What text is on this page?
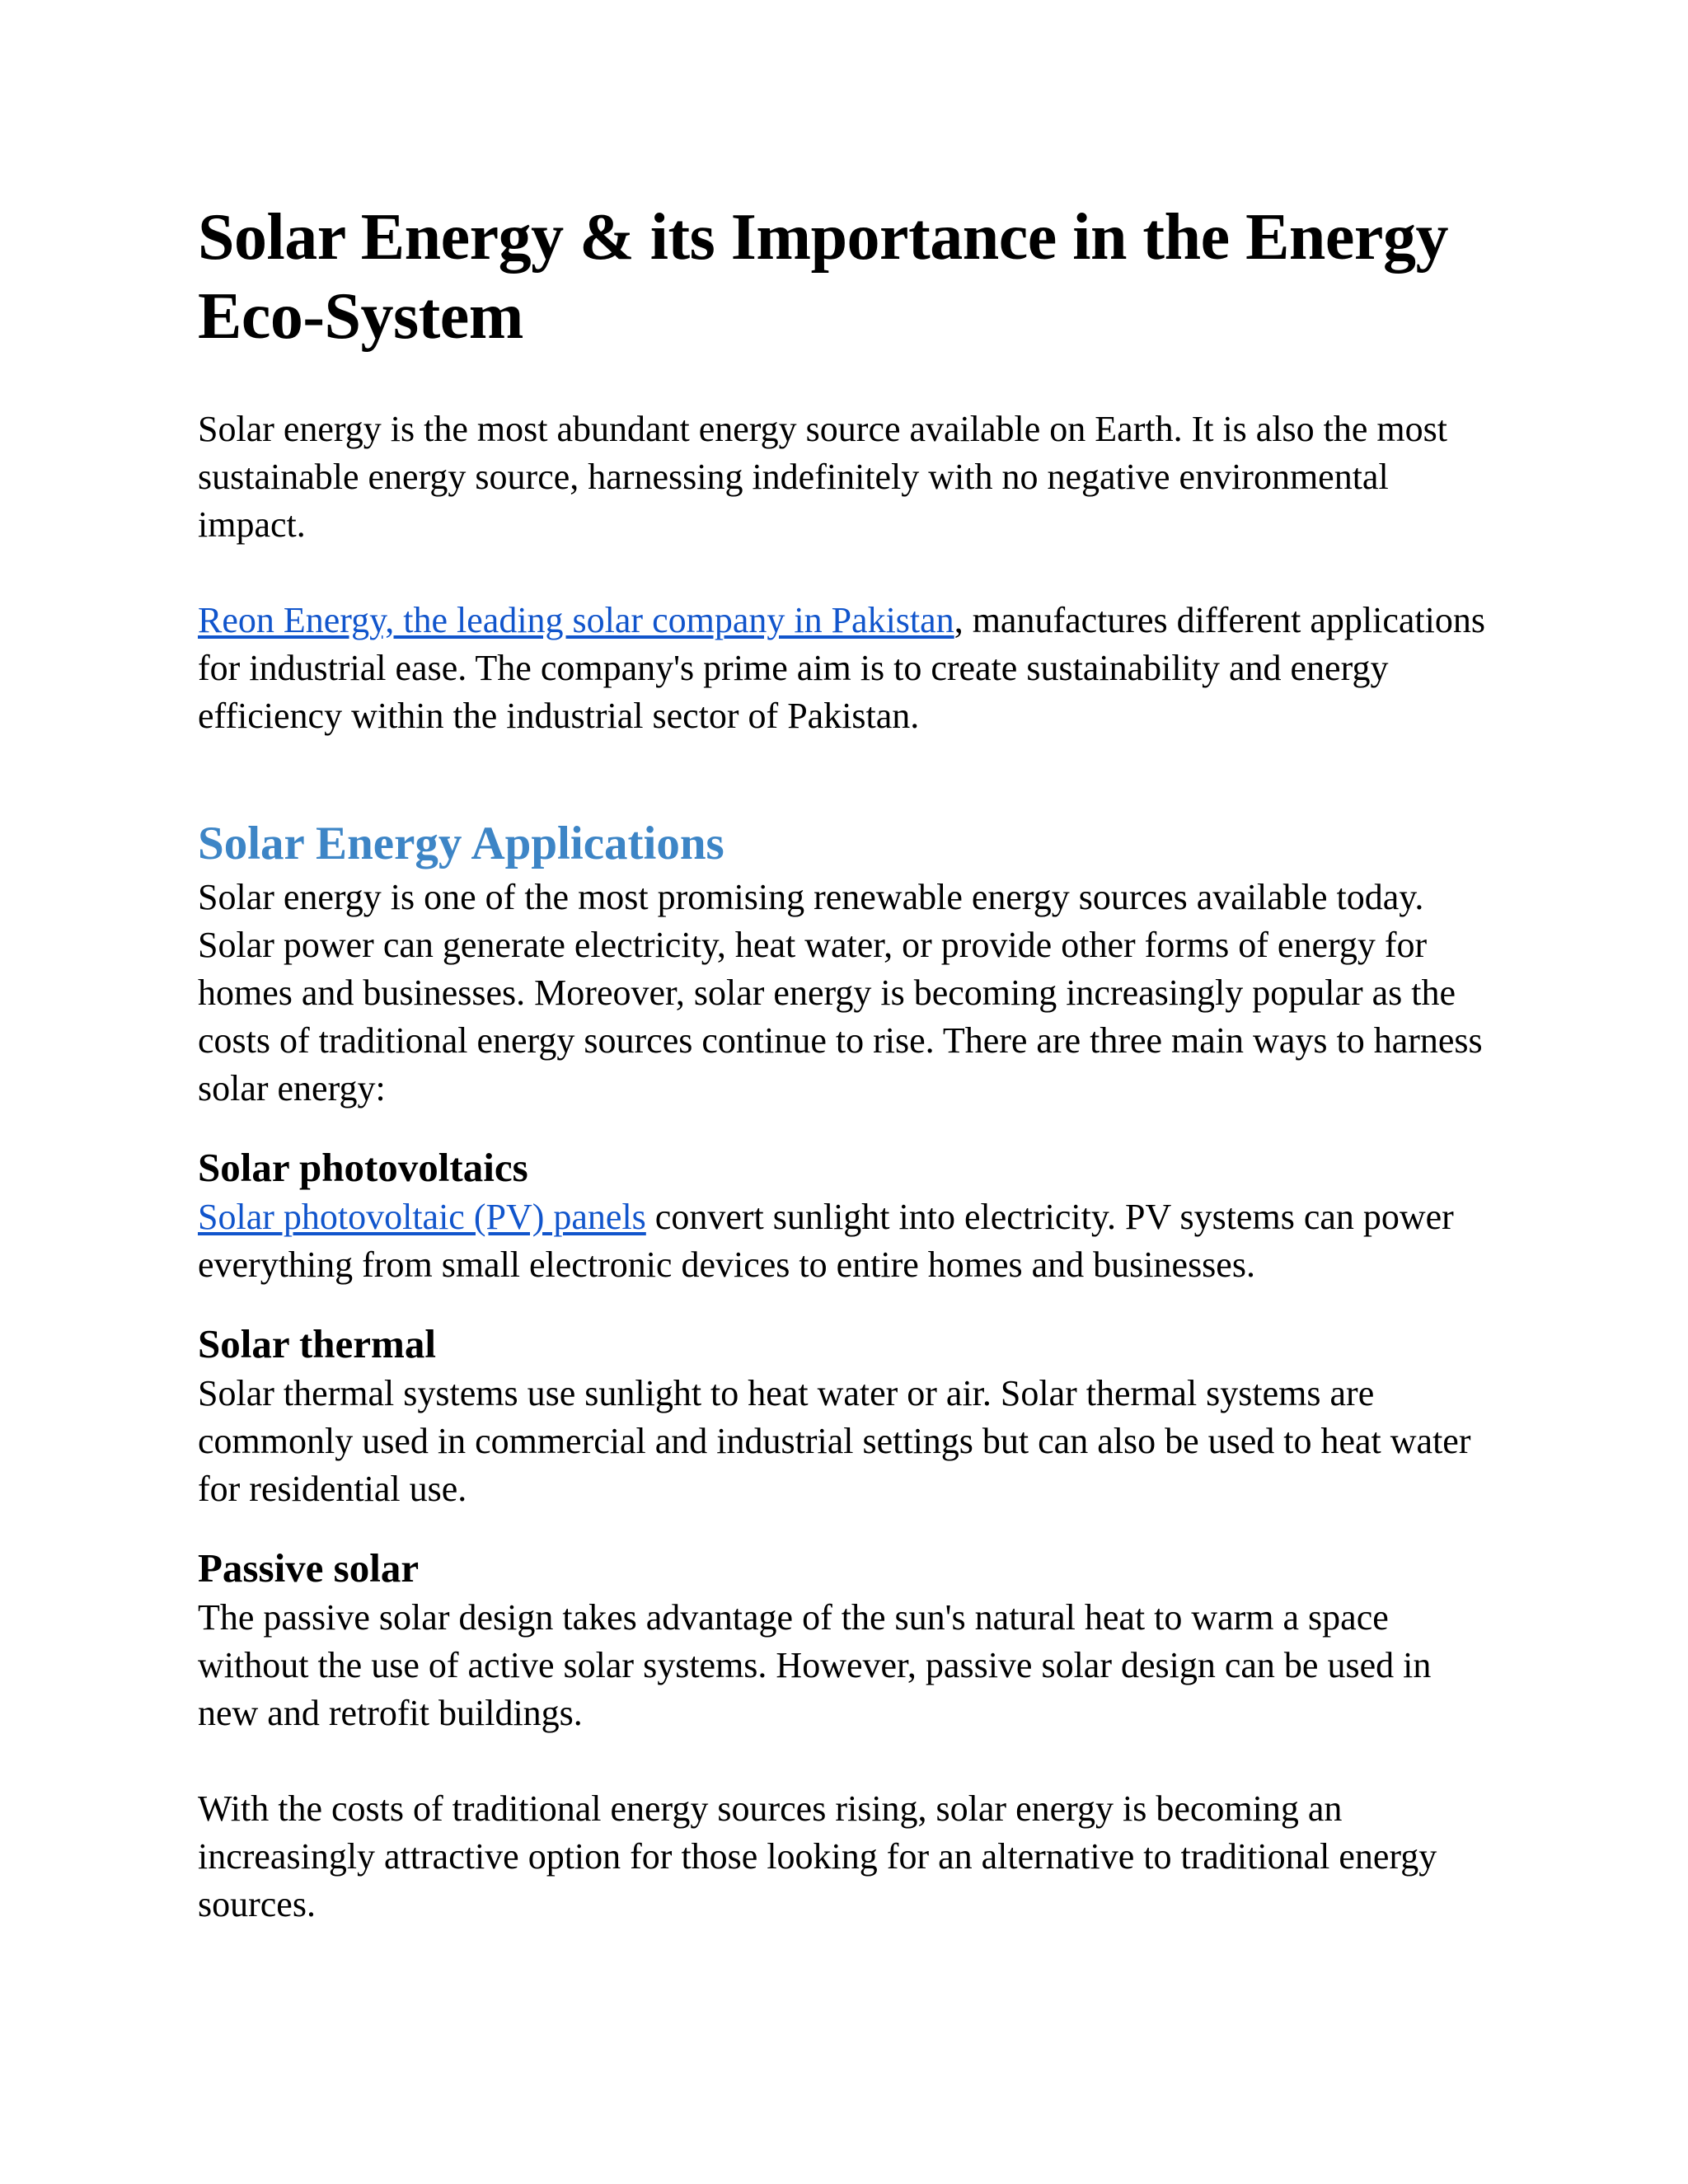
Solar Energy & its Importance in the Energy Eco-System

Solar energy is the most abundant energy source available on Earth. It is also the most sustainable energy source, harnessing indefinitely with no negative environmental impact.

Reon Energy, the leading solar company in Pakistan, manufactures different applications for industrial ease. The company's prime aim is to create sustainability and energy efficiency within the industrial sector of Pakistan.

Solar Energy Applications

Solar energy is one of the most promising renewable energy sources available today. Solar power can generate electricity, heat water, or provide other forms of energy for homes and businesses. Moreover, solar energy is becoming increasingly popular as the costs of traditional energy sources continue to rise. There are three main ways to harness solar energy:

Solar photovoltaics

Solar photovoltaic (PV) panels convert sunlight into electricity. PV systems can power everything from small electronic devices to entire homes and businesses.

Solar thermal

Solar thermal systems use sunlight to heat water or air. Solar thermal systems are commonly used in commercial and industrial settings but can also be used to heat water for residential use.

Passive solar

The passive solar design takes advantage of the sun's natural heat to warm a space without the use of active solar systems. However, passive solar design can be used in new and retrofit buildings.

With the costs of traditional energy sources rising, solar energy is becoming an increasingly attractive option for those looking for an alternative to traditional energy sources.
